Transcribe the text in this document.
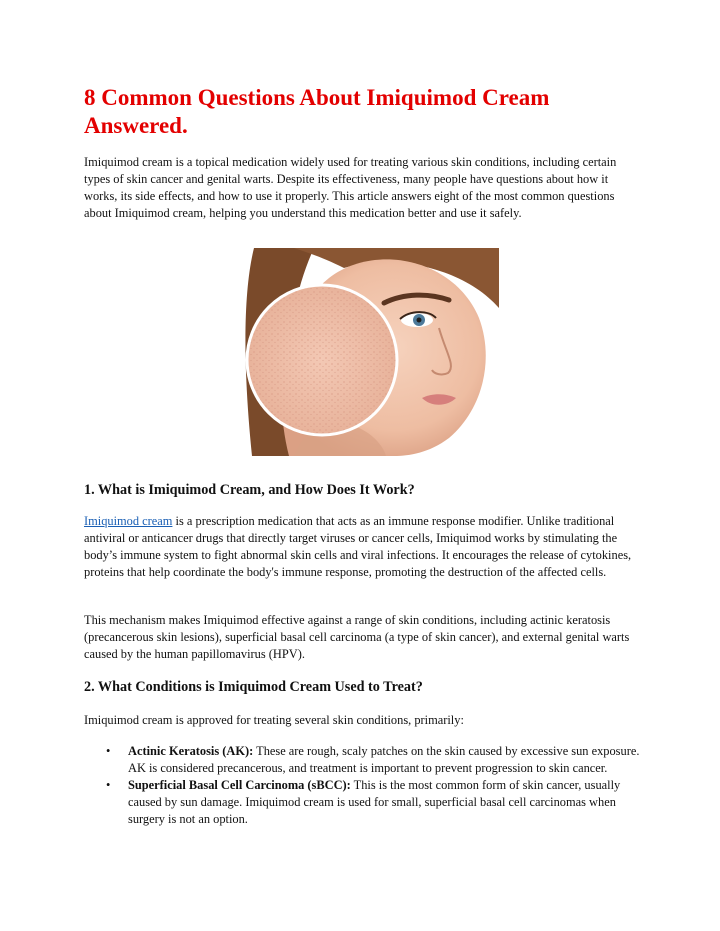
8 Common Questions About Imiquimod Cream Answered.

Imiquimod cream is a topical medication widely used for treating various skin conditions, including certain types of skin cancer and genital warts. Despite its effectiveness, many people have questions about how it works, its side effects, and how to use it properly. This article answers eight of the most common questions about Imiquimod cream, helping you understand this medication better and use it safely.

1. What is Imiquimod Cream, and How Does It Work?

Imiquimod cream is a prescription medication that acts as an immune response modifier. Unlike traditional antiviral or anticancer drugs that directly target viruses or cancer cells, Imiquimod works by stimulating the body’s immune system to fight abnormal skin cells and viral infections. It encourages the release of cytokines, proteins that help coordinate the body's immune response, promoting the destruction of the affected cells.

This mechanism makes Imiquimod effective against a range of skin conditions, including actinic keratosis (precancerous skin lesions), superficial basal cell carcinoma (a type of skin cancer), and external genital warts caused by the human papillomavirus (HPV).

2. What Conditions is Imiquimod Cream Used to Treat?

Imiquimod cream is approved for treating several skin conditions, primarily:

• Actinic Keratosis (AK): These are rough, scaly patches on the skin caused by excessive sun exposure. AK is considered precancerous, and treatment is important to prevent progression to skin cancer.
• Superficial Basal Cell Carcinoma (sBCC): This is the most common form of skin cancer, usually caused by sun damage. Imiquimod cream is used for small, superficial basal cell carcinomas when surgery is not an option.
